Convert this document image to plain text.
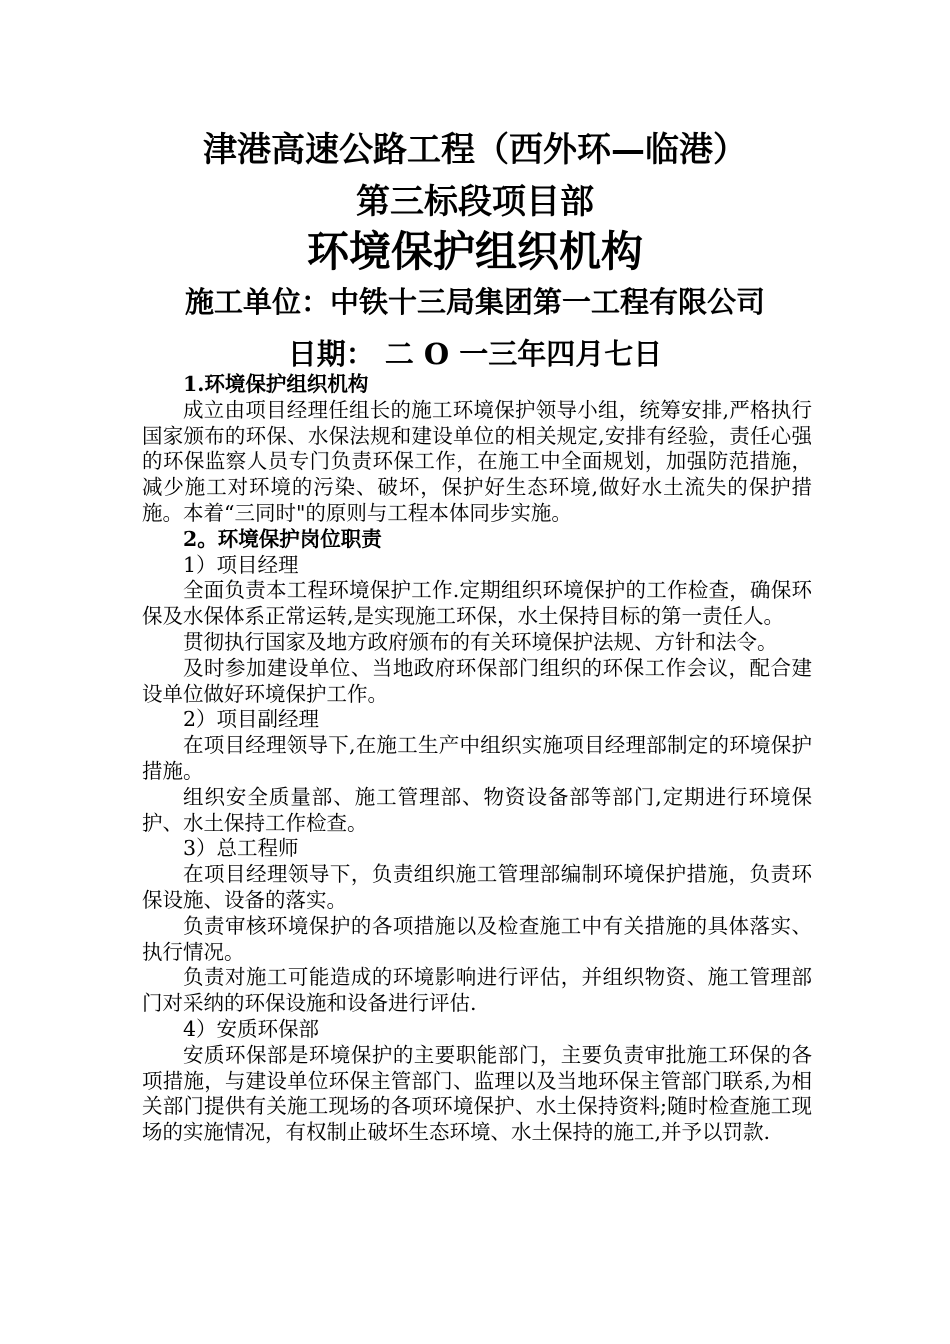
津港高速公路工程（西外环—临港）
第三标段项目部
环境保护组织机构
施工单位：中铁十三局集团第一工程有限公司
日期： 二 O 一三年四月七日

1.环境保护组织机构

成立由项目经理任组长的施工环境保护领导小组，统筹安排,严格执行国家颁布的环保、水保法规和建设单位的相关规定,安排有经验，责任心强的环保监察人员专门负责环保工作，在施工中全面规划，加强防范措施，减少施工对环境的污染、破坏，保护好生态环境,做好水土流失的保护措施。本着“三同时"的原则与工程本体同步实施。

2。环境保护岗位职责

1）项目经理

全面负责本工程环境保护工作.定期组织环境保护的工作检查，确保环保及水保体系正常运转,是实现施工环保，水土保持目标的第一责任人。

贯彻执行国家及地方政府颁布的有关环境保护法规、方针和法令。

及时参加建设单位、当地政府环保部门组织的环保工作会议，配合建设单位做好环境保护工作。

2）项目副经理

在项目经理领导下,在施工生产中组织实施项目经理部制定的环境保护措施。

组织安全质量部、施工管理部、物资设备部等部门,定期进行环境保护、水土保持工作检查。

3）总工程师

在项目经理领导下，负责组织施工管理部编制环境保护措施，负责环保设施、设备的落实。

负责审核环境保护的各项措施以及检查施工中有关措施的具体落实、执行情况。

负责对施工可能造成的环境影响进行评估，并组织物资、施工管理部门对采纳的环保设施和设备进行评估.

4）安质环保部

安质环保部是环境保护的主要职能部门，主要负责审批施工环保的各项措施，与建设单位环保主管部门、监理以及当地环保主管部门联系,为相关部门提供有关施工现场的各项环境保护、水土保持资料;随时检查施工现场的实施情况，有权制止破坏生态环境、水土保持的施工,并予以罚款.
